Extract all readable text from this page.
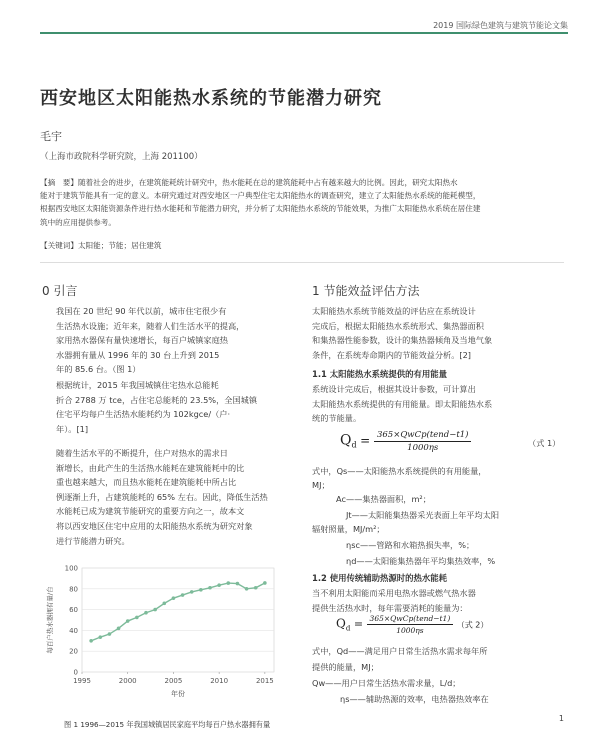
2019 国际绿色建筑与建筑节能论文集
西安地区太阳能热水系统的节能潜力研究
毛宇
（上海市政院科学研究院，上海 201100）
【摘　要】随着社会的进步，在建筑能耗统计研究中，热水能耗在总的建筑能耗中占有越来越大的比例。因此，研究太阳热水
能对于建筑节能具有一定的意义。本研究通过对西安地区一户典型住宅太阳能热水的调查研究，建立了太阳能热水系统的能耗模型，
根据西安地区太阳能资源条件进行热水能耗和节能潜力研究，并分析了太阳能热水系统的节能效果，为推广太阳能热水系统在居住建
筑中的应用提供参考。
【关键词】太阳能；节能；居住建筑
0 引言
我国在 20 世纪 90 年代以前，城市住宅很少有
生活热水设施；近年来，随着人们生活水平的提高，
家用热水器保有量快速增长，每百户城镇家庭热
水器拥有量从 1996 年的 30 台上升到 2015
年的 85.6 台。（图 1）
根据统计，2015 年我国城镇住宅热水总能耗
折合 2788 万 tce，占住宅总能耗的 23.5%，全国城镇
住宅平均每户生活热水能耗约为 102kgce/（户·
年）。[1]
随着生活水平的不断提升，住户对热水的需求日
渐增长，由此产生的生活热水能耗在建筑能耗中的比
重也越来越大，而且热水能耗在建筑能耗中所占比
例逐渐上升，占建筑能耗的 65% 左右。因此，降低生活热
水能耗已成为建筑节能研究的重要方向之一，故本文
将以西安地区住宅中应用的太阳能热水系统为研究对象
进行节能潜力研究。
0
20
40
60
80
100
1995	2000	2005	2010	2015
年份
每百户热水器拥有量/台
图 1 1996—2015 年我国城镇居民家庭平均每百户热水器拥有量
1 节能效益评估方法
太阳能热水系统节能效益的评估应在系统设计
完成后，根据太阳能热水系统形式、集热器面积
和集热器性能参数，设计的集热器倾角及当地气象
条件，在系统寿命期内的节能效益分析。[2]
1.1 太阳能热水系统提供的有用能量
系统设计完成后，根据其设计参数，可计算出
太阳能热水系统提供的有用能量。即太阳能热水系
统的节能量。
$Q_d = \frac{\text{365×QwCp(tend−t1)}}{1000\eta s}$	（式 1）
式中，Qs——太阳能热水系统提供的有用能量，
MJ；
Ac——集热器面积，m²；
Jt——太阳能集热器采光表面上年平均太阳
辐射照量，MJ/m²；
ηsc——管路和水箱热损失率，%；
ηd——太阳能集热器年平均集热效率，%
1.2 使用传统辅助热源时的热水能耗
当不利用太阳能而采用电热水器或燃气热水器
提供生活热水时，每年需要消耗的能量为：
$Q_d = \frac{\text{365×QwCp(tend−t1)}}{1000\eta s}$ （式 2）
式中，Qd——满足用户日常生活热水需求每年所
提供的能量，MJ；
Qw——用户日常生活热水需求量，L/d；
ηs——辅助热源的效率，电热器热效率在
1
